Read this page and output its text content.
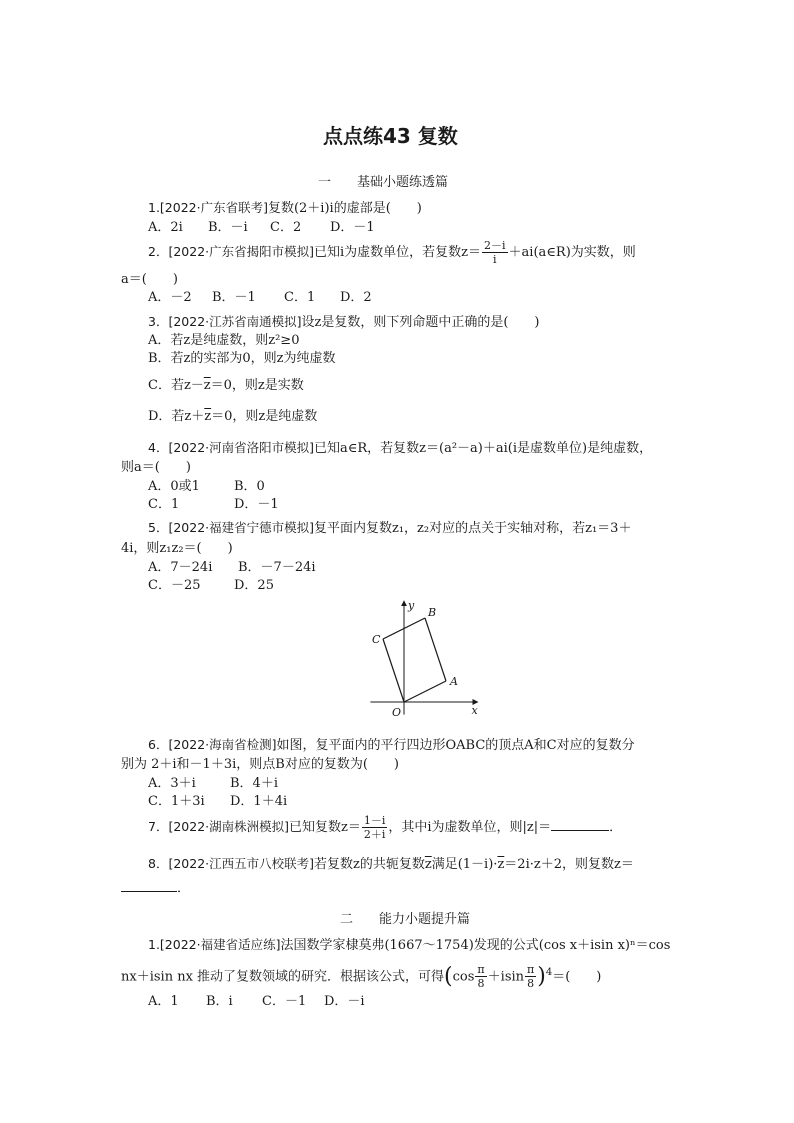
点点练43 复数
一　　基础小题练透篇
1.[2022·广东省联考]复数(2＋i)i的虚部是(　　)
A．2i B．－i C．2 D．－1
2．[2022·广东省揭阳市模拟]已知i为虚数单位，若复数$z= \frac{2-i}{i}$ ＋ai(a∈R)为实数，则
a＝(　　)
A．－2 B．－1 C．1 D．2
3．[2022·江苏省南通模拟]设z是复数，则下列命题中正确的是(　　)
A．若z是纯虚数，则z²≥0
B．若z的实部为0，则z为纯虚数
C．若$z-\overline{z}=0$，则z是实数
D．若$z+\overline{z}=0$，则z是纯虚数
4．[2022·河南省洛阳市模拟]已知a∈R，若复数z＝(a²－a)＋ai(i是虚数单位)是纯虚数，
则a＝(　　)
A．0或1	B．0
C．1	D．－1
5．[2022·福建省宁德市模拟]复平面内复数z₁，z₂对应的点关于实轴对称，若z₁＝3＋
4i，则z₁z₂＝(　　)
A．7－24i B．－7－24i
C．－25	D．25
y
x
O
A
B
C
6．[2022·海南省检测]如图，复平面内的平行四边形OABC的顶点A和C对应的复数分
别为 2＋i和－1＋3i，则点B对应的复数为(　　)
A．3＋i	B．4＋i
C．1＋3i D．1＋4i
7．[2022·湖南株洲模拟]已知复数$z= \frac{1-i}{2+i}$ ，其中i为虚数单位，则|z|＝	．
8．[2022·江西五市八校联考]若复数z的共轭复数$\overline{z}$满足$(1-i)\cdot\overline{z}=2i\cdot z+2$，则复数z＝
．
二　　能力小题提升篇
1.[2022·福建省适应练]法国数学家棣莫弗(1667～1754)发现的公式(cos x＋isin x)ⁿ＝cos
nx＋isin nx 推动了复数领域的研究．根据该公式，可得$(\cos \frac{\pi}{8} +isin \frac{\pi}{8} )^4=$(　　)
A．1 B．i C．－1 D．－i
